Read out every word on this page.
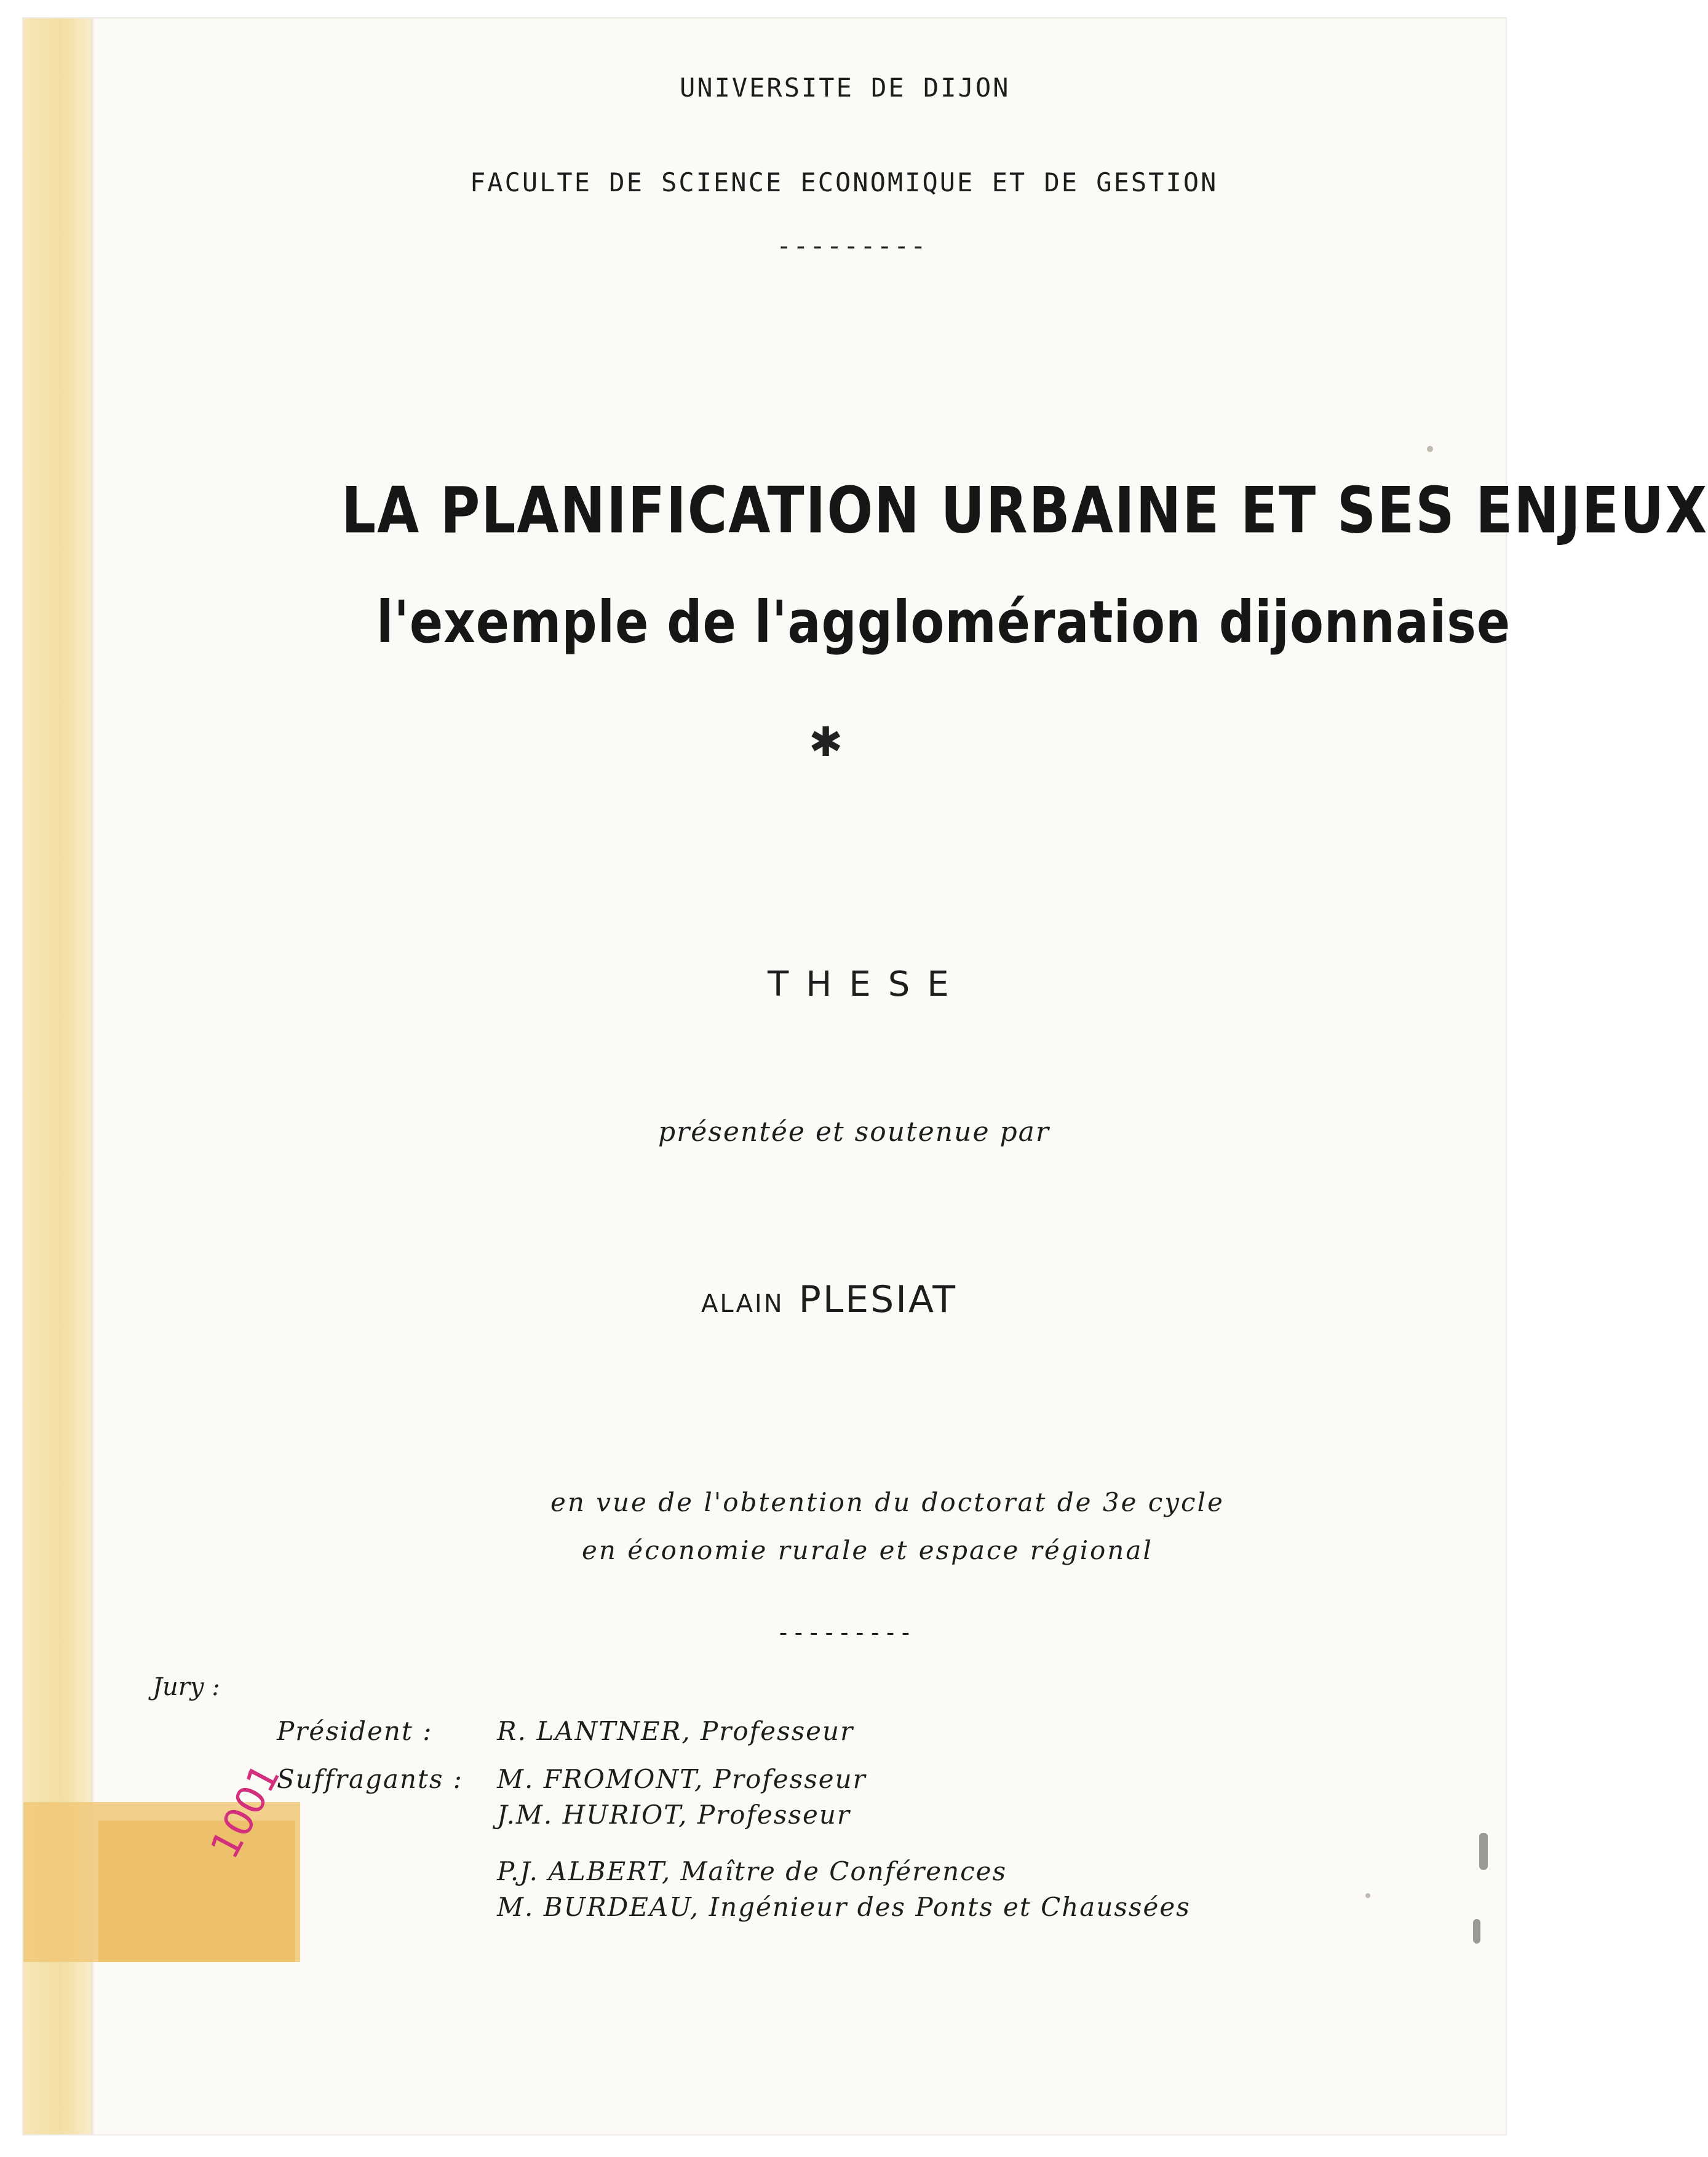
UNIVERSITE DE DIJON
FACULTE DE SCIENCE ECONOMIQUE ET DE GESTION
---------
LA PLANIFICATION URBAINE ET SES ENJEUX
l'exemple de l'agglomération dijonnaise
✱
THESE
présentée et soutenue par
ALAIN PLESIAT
en vue de l'obtention du doctorat de 3e cycle
en économie rurale et espace régional
---------
Jury :
Président : R. LANTNER, Professeur
Suffragants : M. FROMONT, Professeur
J.M. HURIOT, Professeur
P.J. ALBERT, Maître de Conférences
M. BURDEAU, Ingénieur des Ponts et Chaussées
1001
